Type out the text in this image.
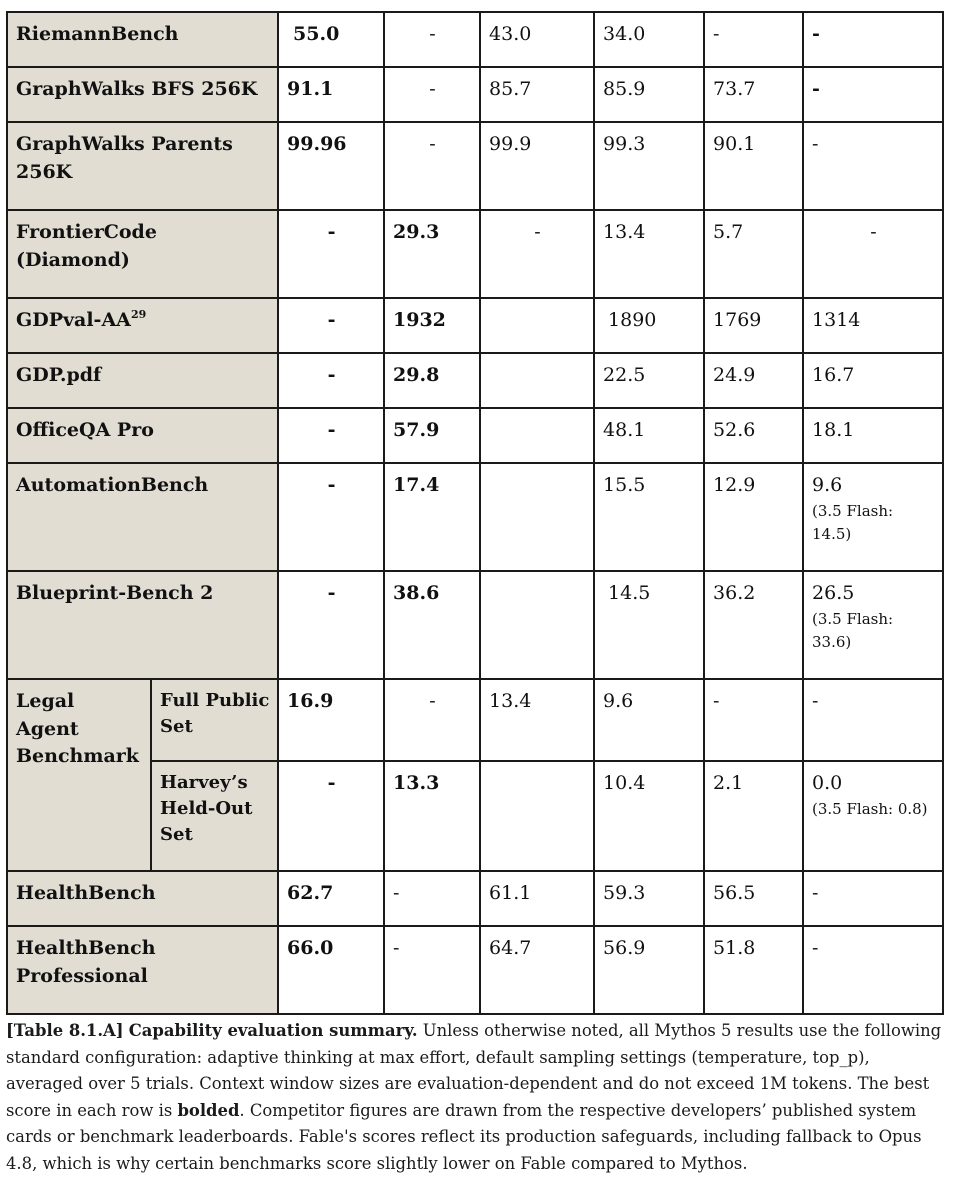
RiemannBench		55.0	-	43.0	34.0	-	-
GraphWalks BFS 256K		91.1	-	85.7	85.9	73.7	-
GraphWalks Parents 256K		99.96	-	99.9	99.3	90.1	-
FrontierCode (Diamond)		-	29.3	-	13.4	5.7	-
GDPval-AA$^{29}$		-	1932		1890	1769	1314
GDP.pdf		-	29.8		22.5	24.9	16.7
OfficeQA Pro		-	57.9		48.1	52.6	18.1
AutomationBench		-	17.4		15.5	12.9	9.6
(3.5 Flash: 14.5)

Blueprint-Bench 2		-	38.6		14.5	36.2	26.5
(3.5 Flash: 33.6)

Legal Agent Benchmark	Full Public Set	16.9	-	13.4	9.6	-	-
	Harvey’s Held-Out Set	-	13.3		10.4	2.1	0.0
(3.5 Flash: 0.8)

HealthBench		62.7	-	61.1	59.3	56.5	-
HealthBench Professional		66.0	-	64.7	56.9	51.8	-

[Table 8.1.A] Capability evaluation summary. Unless otherwise noted, all Mythos 5 results use the following standard configuration: adaptive thinking at max effort, default sampling settings (temperature, top_p), averaged over 5 trials. Context window sizes are evaluation-dependent and do not exceed 1M tokens. The best score in each row is bolded. Competitor figures are drawn from the respective developers’ published system cards or benchmark leaderboards. Fable's scores reflect its production safeguards, including fallback to Opus 4.8, which is why certain benchmarks score slightly lower on Fable compared to Mythos.
